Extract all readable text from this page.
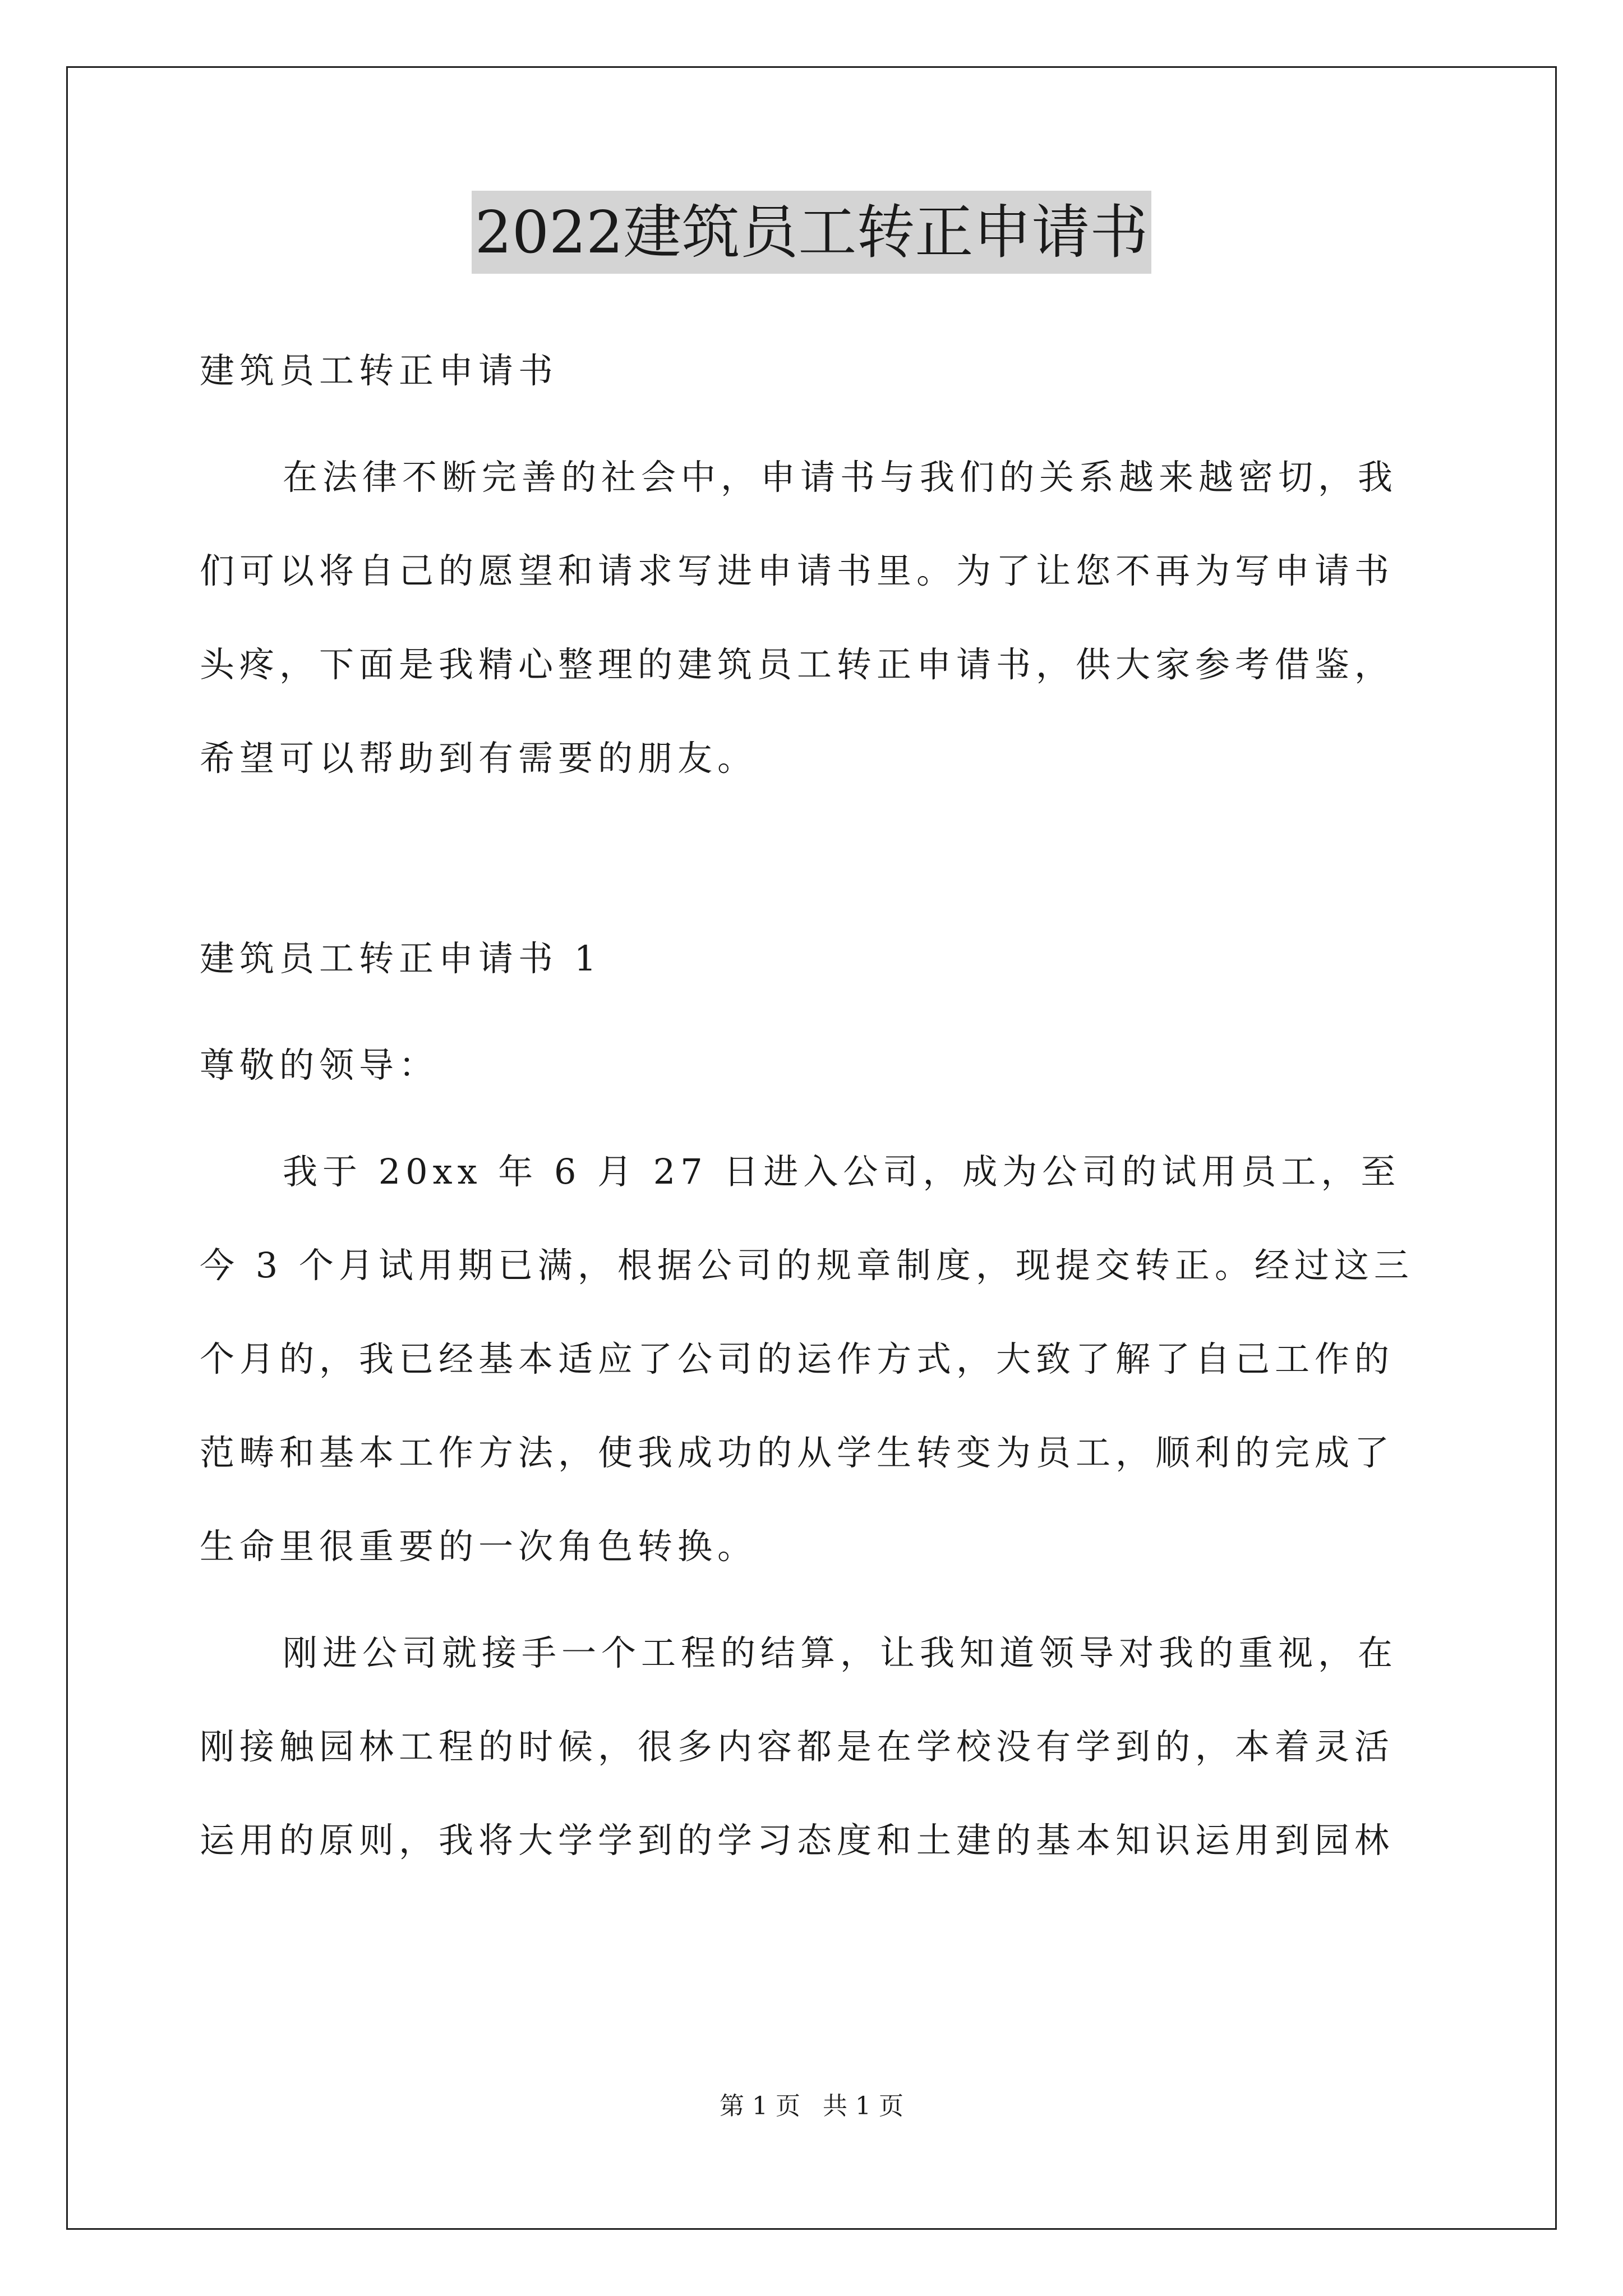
2022建筑员工转正申请书

建筑员工转正申请书

在法律不断完善的社会中，申请书与我们的关系越来越密切，我们可以将自己的愿望和请求写进申请书里。为了让您不再为写申请书头疼，下面是我精心整理的建筑员工转正申请书，供大家参考借鉴，希望可以帮助到有需要的朋友。

建筑员工转正申请书 1

尊敬的领导：

我于 20xx 年 6 月 27 日进入公司，成为公司的试用员工，至今 3 个月试用期已满，根据公司的规章制度，现提交转正。经过这三个月的，我已经基本适应了公司的运作方式，大致了解了自己工作的范畴和基本工作方法，使我成功的从学生转变为员工，顺利的完成了生命里很重要的一次角色转换。

刚进公司就接手一个工程的结算，让我知道领导对我的重视，在刚接触园林工程的时候，很多内容都是在学校没有学到的，本着灵活运用的原则，我将大学学到的学习态度和土建的基本知识运用到园林

第 1 页 共 1 页
